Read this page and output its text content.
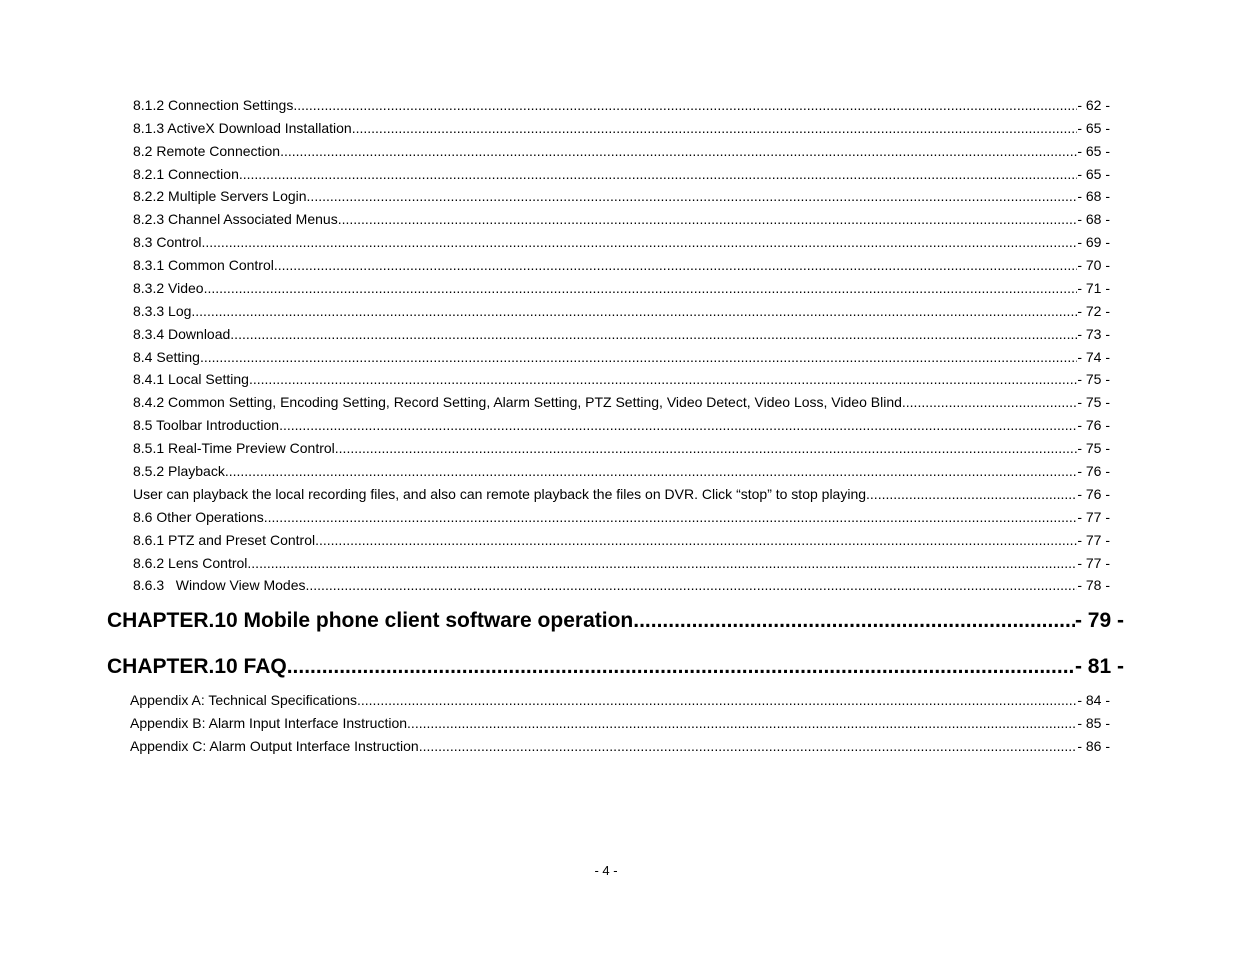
8.1.2 Connection Settings .....	- 62 -
8.1.3 ActiveX Download Installation .....	- 65 -
8.2 Remote Connection .....	- 65 -
8.2.1 Connection .....	- 65 -
8.2.2 Multiple Servers Login .....	- 68 -
8.2.3 Channel Associated Menus .....	- 68 -
8.3 Control .....	- 69 -
8.3.1 Common Control .....	- 70 -
8.3.2 Video .....	- 71 -
8.3.3 Log .....	- 72 -
8.3.4 Download .....	- 73 -
8.4 Setting .....	- 74 -
8.4.1 Local Setting .....	- 75 -
8.4.2 Common Setting, Encoding Setting, Record Setting, Alarm Setting, PTZ Setting, Video Detect, Video Loss, Video Blind .....	- 75 -
8.5 Toolbar Introduction .....	- 76 -
8.5.1 Real-Time Preview Control .....	- 75 -
8.5.2 Playback .....	- 76 -
User can playback the local recording files, and also can remote playback the files on DVR. Click “stop” to stop playing. .....	- 76 -
8.6 Other Operations .....	- 77 -
8.6.1 PTZ and Preset Control .....	- 77 -
8.6.2 Lens Control .....	- 77 -
8.6.3   Window View Modes .....	- 78 -
CHAPTER.10 Mobile phone client software operation .....	- 79 -
CHAPTER.10 FAQ .....	- 81 -
Appendix A: Technical Specifications .....	- 84 -
Appendix B: Alarm Input Interface Instruction .....	- 85 -
Appendix C: Alarm Output Interface Instruction .....	- 86 -
- 4 -
